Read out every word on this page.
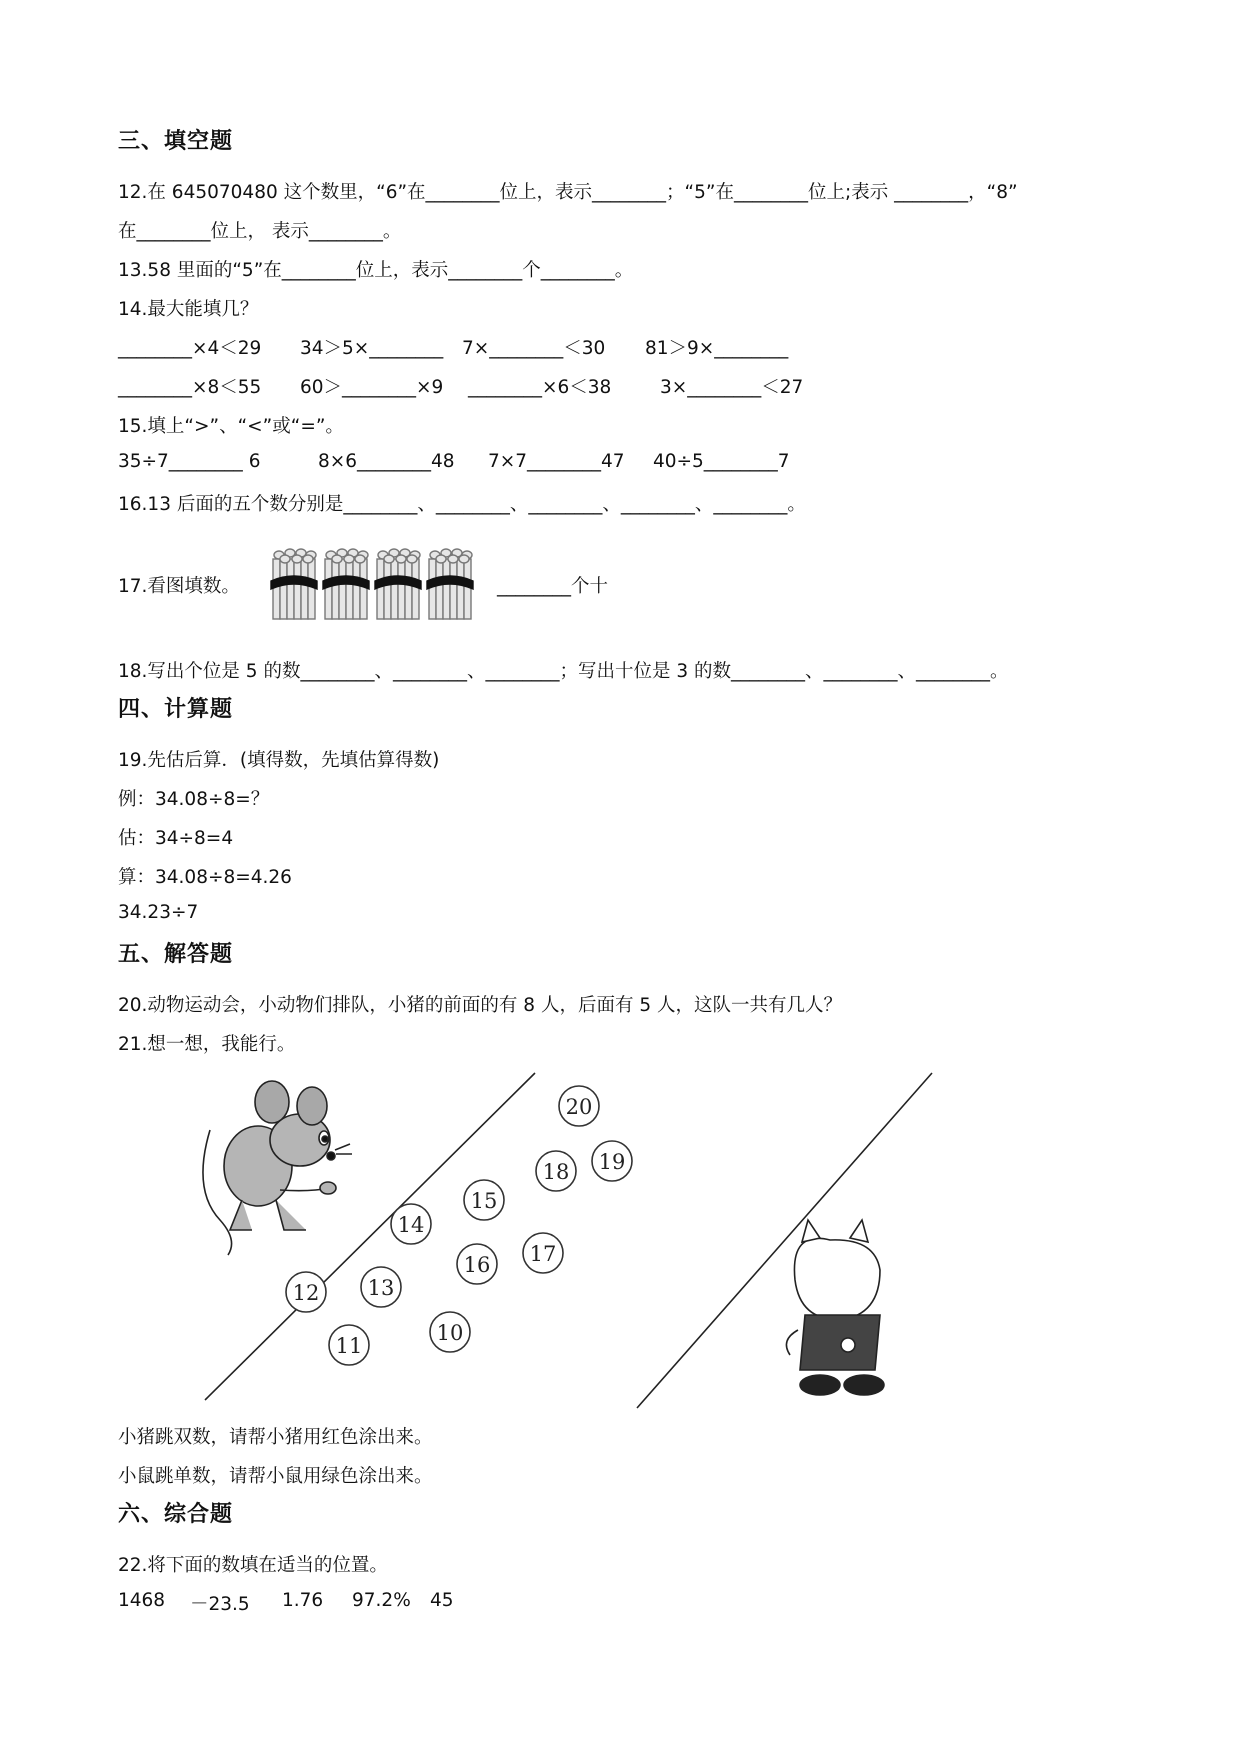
三、填空题
12.在 645070480 这个数里，“6”在________位上，表示________；“5”在________位上;表示 ________，“8”
在________位上， 表示________。
13.58 里面的“5”在________位上，表示________个________。
14.最大能填几？
________×4＜29 34＞5×________ 7×________＜30 81＞9×________
________×8＜55 60＞________×9 ________×6＜38	3×________＜27
15.填上“>”、“<”或“=”。
35÷7________ 6	8×6________48 7×7________47 40÷5________7
16.13 后面的五个数分别是________、________、________、________、________。
17.看图填数。	________个十
18.写出个位是 5 的数________、________、________；写出十位是 3 的数________、________、________。
四、计算题
19.先估后算．(填得数，先填估算得数)
例：34.08÷8=？
估：34÷8=4
算：34.08÷8=4.26
34.23÷7
五、解答题
20.动物运动会，小动物们排队，小猪的前面的有 8 人，后面有 5 人，这队一共有几人？
21.想一想，我能行。
20
18 19
15
14
16 17
12 13
11
10
小猪跳双数，请帮小猪用红色涂出来。
小鼠跳单数，请帮小鼠用绿色涂出来。
六、综合题
22.将下面的数填在适当的位置。
1468 －23.5 1.76 97.2% 45
